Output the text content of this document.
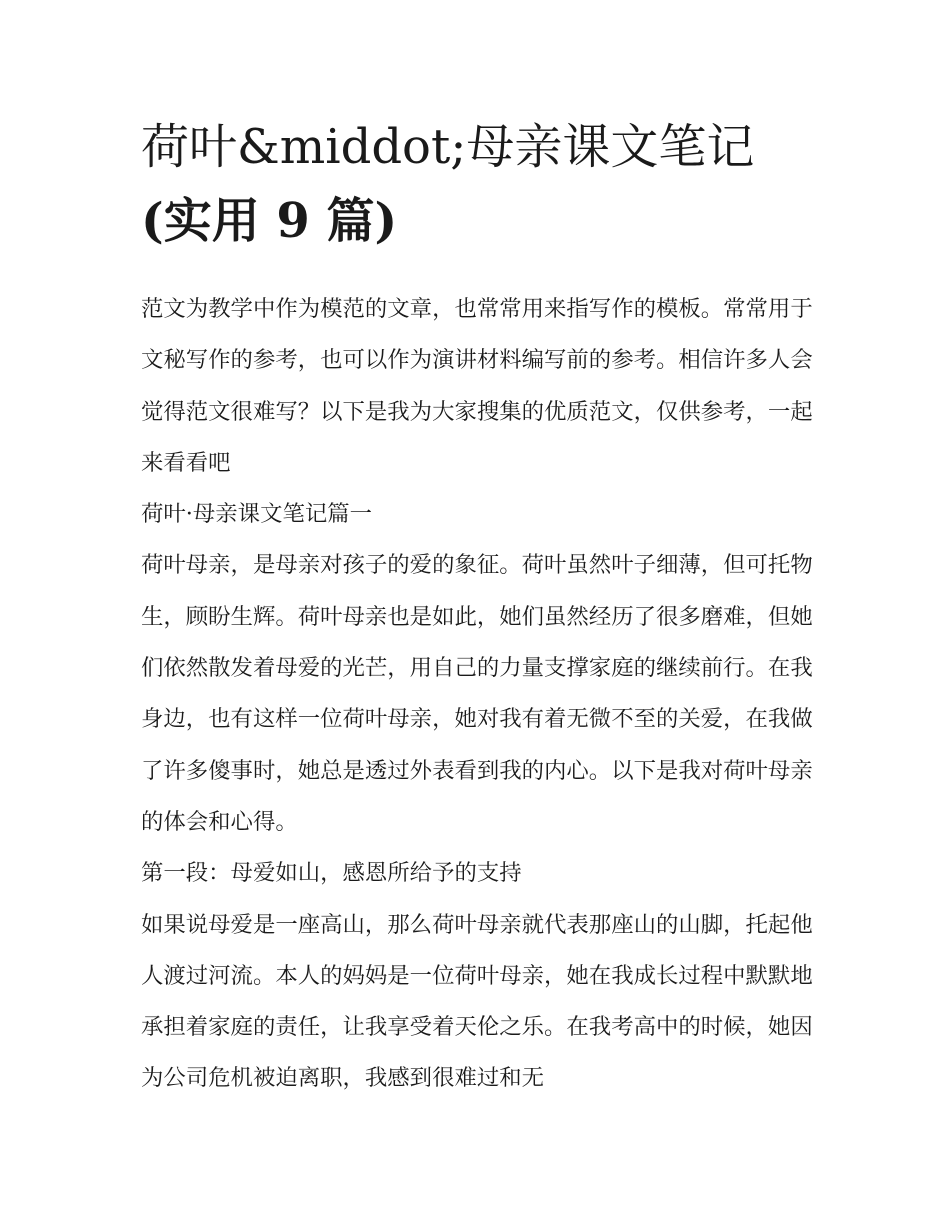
荷叶&middot;母亲课文笔记
(实用 9 篇)

范文为教学中作为模范的文章，也常常用来指写作的模板。常常用于文秘写作的参考，也可以作为演讲材料编写前的参考。相信许多人会觉得范文很难写？以下是我为大家搜集的优质范文，仅供参考，一起来看看吧

荷叶·母亲课文笔记篇一

荷叶母亲，是母亲对孩子的爱的象征。荷叶虽然叶子细薄，但可托物生，顾盼生辉。荷叶母亲也是如此，她们虽然经历了很多磨难，但她们依然散发着母爱的光芒，用自己的力量支撑家庭的继续前行。在我身边，也有这样一位荷叶母亲，她对我有着无微不至的关爱，在我做了许多傻事时，她总是透过外表看到我的内心。以下是我对荷叶母亲的体会和心得。

第一段：母爱如山，感恩所给予的支持

如果说母爱是一座高山，那么荷叶母亲就代表那座山的山脚，托起他人渡过河流。本人的妈妈是一位荷叶母亲，她在我成长过程中默默地承担着家庭的责任，让我享受着天伦之乐。在我考高中的时候，她因为公司危机被迫离职，我感到很难过和无
